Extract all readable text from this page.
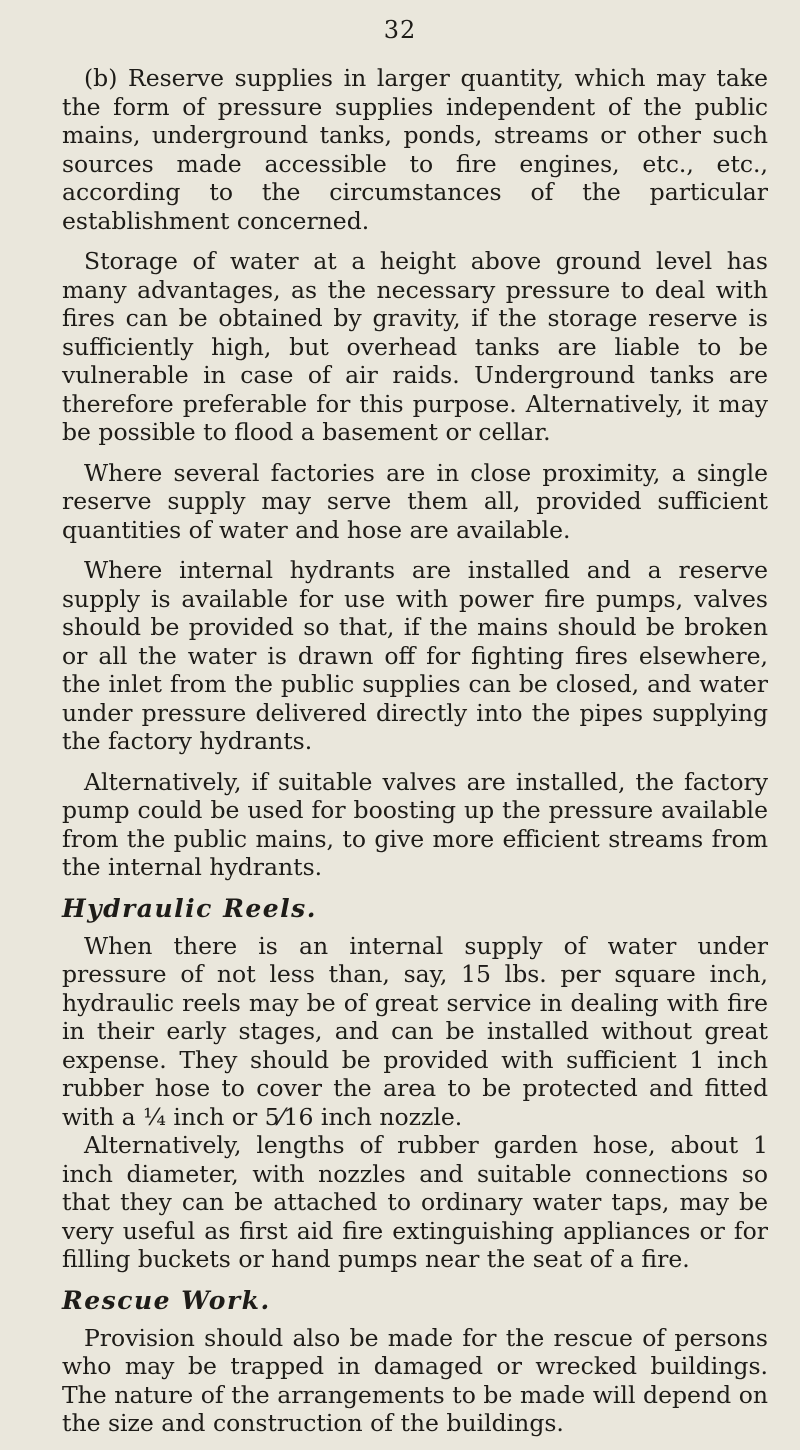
32

(b) Reserve supplies in larger quantity, which may take the form of pressure supplies independent of the public mains, underground tanks, ponds, streams or other such sources made accessible to fire engines, etc., etc., according to the circumstances of the particular establishment concerned.

Storage of water at a height above ground level has many advantages, as the necessary pressure to deal with fires can be obtained by gravity, if the storage reserve is sufficiently high, but overhead tanks are liable to be vulnerable in case of air raids. Underground tanks are therefore preferable for this purpose. Alternatively, it may be possible to flood a basement or cellar.

Where several factories are in close proximity, a single reserve supply may serve them all, provided sufficient quantities of water and hose are available.

Where internal hydrants are installed and a reserve supply is available for use with power fire pumps, valves should be provided so that, if the mains should be broken or all the water is drawn off for fighting fires elsewhere, the inlet from the public supplies can be closed, and water under pressure delivered directly into the pipes supplying the factory hydrants.

Alternatively, if suitable valves are installed, the factory pump could be used for boosting up the pressure available from the public mains, to give more efficient streams from the internal hydrants.

Hydraulic Reels.

When there is an internal supply of water under pressure of not less than, say, 15 lbs. per square inch, hydraulic reels may be of great service in dealing with fire in their early stages, and can be installed without great expense. They should be provided with sufficient 1 inch rubber hose to cover the area to be protected and fitted with a ¼ inch or 5⁄16 inch nozzle.

Alternatively, lengths of rubber garden hose, about 1 inch diameter, with nozzles and suitable connections so that they can be attached to ordinary water taps, may be very useful as first aid fire extinguishing appliances or for filling buckets or hand pumps near the seat of a fire.

Rescue Work.

Provision should also be made for the rescue of persons who may be trapped in damaged or wrecked buildings. The nature of the arrangements to be made will depend on the size and construction of the buildings.
